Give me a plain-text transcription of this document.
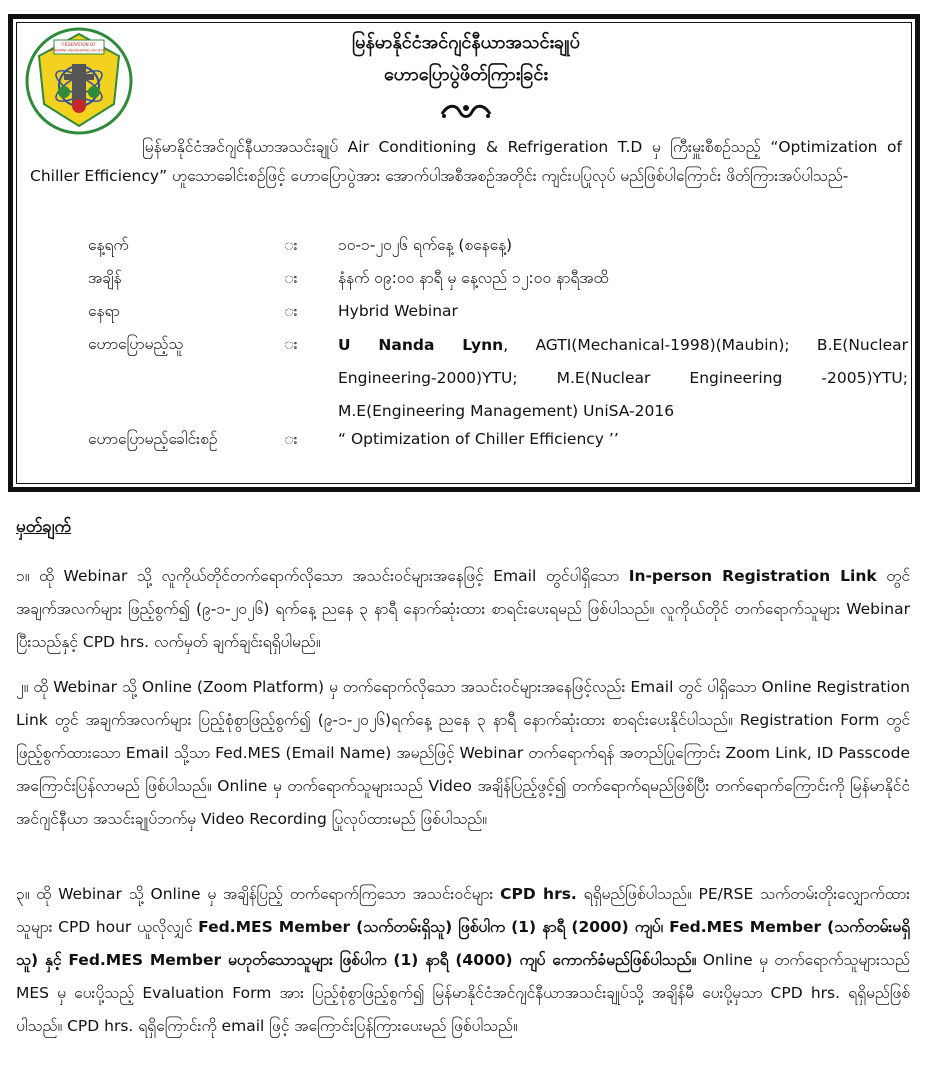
FEDERATION OF
MYANMAR ENGINEERING SOCIETIES	မြန်မာနိုင်ငံအင်ဂျင်နီယာအသင်းချုပ်
ဟောပြောပွဲဖိတ်ကြားခြင်း
မြန်မာနိုင်ငံအင်ဂျင်နီယာအသင်းချုပ် Air Conditioning & Refrigeration T.D မှ ကြီးမှူးစီစဉ်သည့် “Optimization of Chiller Efficiency” ဟူသောခေါင်းစဉ်ဖြင့် ဟောပြောပွဲအား အောက်ပါအစီအစဉ်အတိုင်း ကျင်းပပြုလုပ် မည်ဖြစ်ပါကြောင်း ဖိတ်ကြားအပ်ပါသည်-
နေ့ရက်	း	၁၀-၁-၂၀၂၆ ရက်နေ့ (စနေနေ့)
အချိန်	း	နံနက် ၀၉:၀၀ နာရီ မှ နေ့လည် ၁၂:၀၀ နာရီအထိ
နေရာ	း	Hybrid Webinar
ဟောပြောမည့်သူ	း	U Nanda Lynn, AGTI(Mechanical-1998)(Maubin); B.E(Nuclear Engineering-2000)YTU; M.E(Nuclear Engineering -2005)YTU; M.E(Engineering Management) UniSA-2016
ဟောပြောမည့်ခေါင်းစဉ်	း	“ Optimization of Chiller Efficiency ’’
မှတ်ချက်
၁။ ထို Webinar သို့ လူကိုယ်တိုင်တက်ရောက်လိုသော အသင်းဝင်များအနေဖြင့် Email တွင်ပါရှိသော In-person Registration Link တွင် အချက်အလက်များ ဖြည့်စွက်၍ (၉-၁-၂၀၂၆) ရက်နေ့ ညနေ ၃ နာရီ နောက်ဆုံးထား စာရင်းပေးရမည် ဖြစ်ပါသည်။ လူကိုယ်တိုင် တက်ရောက်သူများ Webinar ပြီးသည်နှင့် CPD hrs. လက်မှတ် ချက်ချင်းရရှိပါမည်။
၂။ ထို Webinar သို့ Online (Zoom Platform) မှ တက်ရောက်လိုသော အသင်းဝင်များအနေဖြင့်လည်း Email တွင် ပါရှိသော Online Registration Link တွင် အချက်အလက်များ ပြည့်စုံစွာဖြည့်စွက်၍ (၉-၁-၂၀၂၆)ရက်နေ့ ညနေ ၃ နာရီ နောက်ဆုံးထား စာရင်းပေးနိုင်ပါသည်။ Registration Form တွင် ဖြည့်စွက်ထားသော Email သို့သာ Fed.MES (Email Name) အမည်ဖြင့် Webinar တက်ရောက်ရန် အတည်ပြုကြောင်း Zoom Link, ID Passcode အကြောင်းပြန်လာမည် ဖြစ်ပါသည်။ Online မှ တက်ရောက်သူများသည် Video အချိန်ပြည့်ဖွင့်၍ တက်ရောက်ရမည်ဖြစ်ပြီး တက်ရောက်ကြောင်းကို မြန်မာနိုင်ငံအင်ဂျင်နီယာ အသင်းချုပ်ဘက်မှ Video Recording ပြုလုပ်ထားမည် ဖြစ်ပါသည်။
၃။ ထို Webinar သို့ Online မှ အချိန်ပြည့် တက်ရောက်ကြသော အသင်းဝင်များ CPD hrs. ရရှိမည်ဖြစ်ပါသည်။ PE/RSE သက်တမ်းတိုးလျှောက်ထားသူများ CPD hour ယူလိုလျှင် Fed.MES Member (သက်တမ်းရှိသူ) ဖြစ်ပါက (1) နာရီ (2000) ကျပ်၊ Fed.MES Member (သက်တမ်းမရှိသူ) နှင့် Fed.MES Member မဟုတ်သောသူများ ဖြစ်ပါက (1) နာရီ (4000) ကျပ် ကောက်ခံမည်ဖြစ်ပါသည်။ Online မှ တက်ရောက်သူများသည် MES မှ ပေးပို့သည့် Evaluation Form အား ပြည့်စုံစွာဖြည့်စွက်၍ မြန်မာနိုင်ငံအင်ဂျင်နီယာအသင်းချုပ်သို့ အချိန်မီ ပေးပို့မှသာ CPD hrs. ရရှိမည်ဖြစ်ပါသည်။ CPD hrs. ရရှိကြောင်းကို email ဖြင့် အကြောင်းပြန်ကြားပေးမည် ဖြစ်ပါသည်။
